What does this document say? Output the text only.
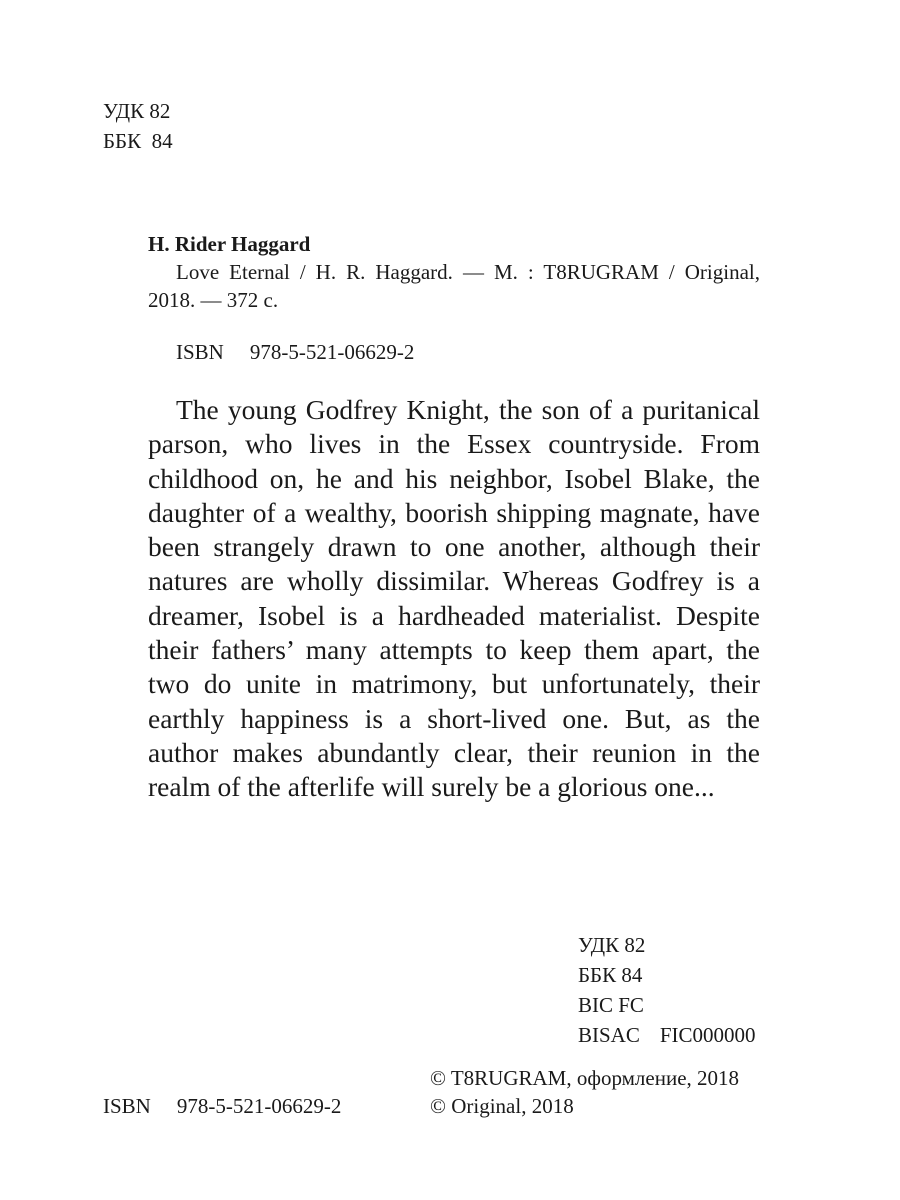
УДК 82
ББК  84
H. Rider Haggard
Love Eternal / H. R. Haggard. — M. : T8RUGRAM / Original, 2018. — 372 c.
ISBN 978-5-521-06629-2
The young Godfrey Knight, the son of a puritanical parson, who lives in the Essex countryside. From childhood on, he and his neighbor, Isobel Blake, the daughter of a wealthy, boorish shipping magnate, have been strangely drawn to one another, although their natures are wholly dissimilar. Whereas Godfrey is a dreamer, Isobel is a hardheaded materialist. Despite their fathers’ many attempts to keep them apart, the two do unite in matrimony, but unfortunately, their earthly happiness is a short-lived one. But, as the author makes abundantly clear, their reunion in the realm of the afterlife will surely be a glorious one...
УДК 82
ББК 84
BIC FC
BISAC FIC000000
© T8RUGRAM, оформление, 2018
© Original, 2018
ISBN 978-5-521-06629-2
